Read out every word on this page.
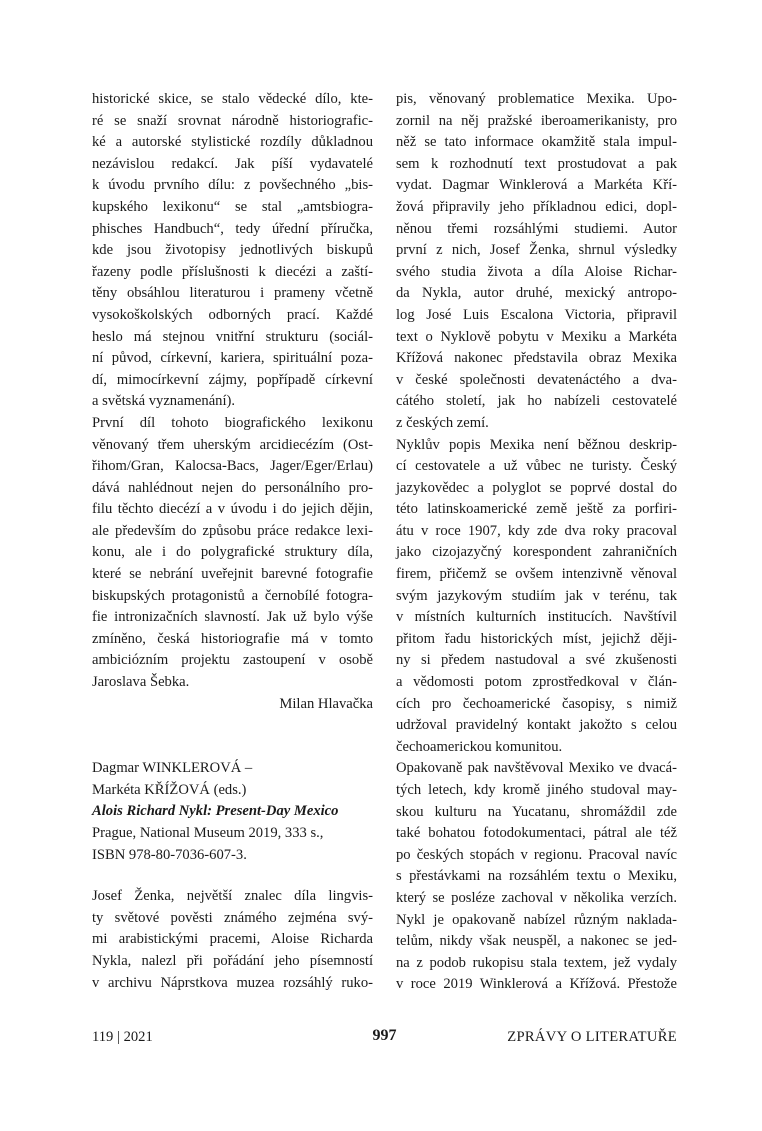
historické skice, se stalo vědecké dílo, kte-
ré se snaží srovnat národně historiografic-
ké a autorské stylistické rozdíly důkladnou
nezávislou redakcí. Jak píší vydavatelé
k úvodu prvního dílu: z povšechného „bis-
kupského lexikonu“ se stal „amtsbiogra-
phisches Handbuch“, tedy úřední příručka,
kde jsou životopisy jednotlivých biskupů
řazeny podle příslušnosti k diecézi a zaští-
těny obsáhlou literaturou i prameny včetně
vysokoškolských odborných prací. Každé
heslo má stejnou vnitřní strukturu (sociál-
ní původ, církevní, kariera, spirituální poza-
dí, mimocírkevní zájmy, popřípadě církevní
a světská vyznamenání).
První díl tohoto biografického lexikonu
věnovaný třem uherským arcidiecézím (Ost-
řihom/Gran, Kalocsa-Bacs, Jager/Eger/Erlau)
dává nahlédnout nejen do personálního pro-
filu těchto diecézí a v úvodu i do jejich dějin,
ale především do způsobu práce redakce lexi-
konu, ale i do polygrafické struktury díla,
které se nebrání uveřejnit barevné fotografie
biskupských protagonistů a černobílé fotogra-
fie intronizačních slavností. Jak už bylo výše
zmíněno, česká historiografie má v tomto
ambiciózním projektu zastoupení v osobě
Jaroslava Šebka.
Milan Hlavačka
Dagmar WINKLEROVÁ –
Markéta KŘÍŽOVÁ (eds.)
Alois Richard Nykl: Present-Day Mexico
Prague, National Museum 2019, 333 s.,
ISBN 978-80-7036-607-3.
Josef Ženka, největší znalec díla lingvis-
ty světové pověsti známého zejména svý-
mi arabistickými pracemi, Aloise Richarda
Nykla, nalezl při pořádání jeho písemností
v archivu Náprstkova muzea rozsáhlý ruko-
pis, věnovaný problematice Mexika. Upo-
zornil na něj pražské iberoamerikanisty, pro
něž se tato informace okamžitě stala impul-
sem k rozhodnutí text prostudovat a pak
vydat. Dagmar Winklerová a Markéta Kří-
žová připravily jeho příkladnou edici, dopl-
něnou třemi rozsáhlými studiemi. Autor
první z nich, Josef Ženka, shrnul výsledky
svého studia života a díla Aloise Richar-
da Nykla, autor druhé, mexický antropo-
log José Luis Escalona Victoria, připravil
text o Nyklově pobytu v Mexiku a Markéta
Křížová nakonec představila obraz Mexika
v české společnosti devatenáctého a dva-
cátého století, jak ho nabízeli cestovatelé
z českých zemí.
Nyklův popis Mexika není běžnou deskrip-
cí cestovatele a už vůbec ne turisty. Český
jazykovědec a polyglot se poprvé dostal do
této latinskoamerické země ještě za porfiri-
átu v roce 1907, kdy zde dva roky pracoval
jako cizojazyčný korespondent zahraničních
firem, přičemž se ovšem intenzivně věnoval
svým jazykovým studiím jak v terénu, tak
v místních kulturních institucích. Navštívil
přitom řadu historických míst, jejichž ději-
ny si předem nastudoval a své zkušenosti
a vědomosti potom zprostředkoval v člán-
cích pro čechoamerické časopisy, s nimiž
udržoval pravidelný kontakt jakožto s celou
čechoamerickou komunitou.
Opakovaně pak navštěvoval Mexiko ve dvacá-
tých letech, kdy kromě jiného studoval may-
skou kulturu na Yucatanu, shromáždil zde
také bohatou fotodokumentaci, pátral ale též
po českých stopách v regionu. Pracoval navíc
s přestávkami na rozsáhlém textu o Mexiku,
který se posléze zachoval v několika verzích.
Nykl je opakovaně nabízel různým naklada-
telům, nikdy však neuspěl, a nakonec se jed-
na z podob rukopisu stala textem, jež vydaly
v roce 2019 Winklerová a Křížová. Přestože
119 | 2021	997	ZPRÁVY O LITERATUŘE
